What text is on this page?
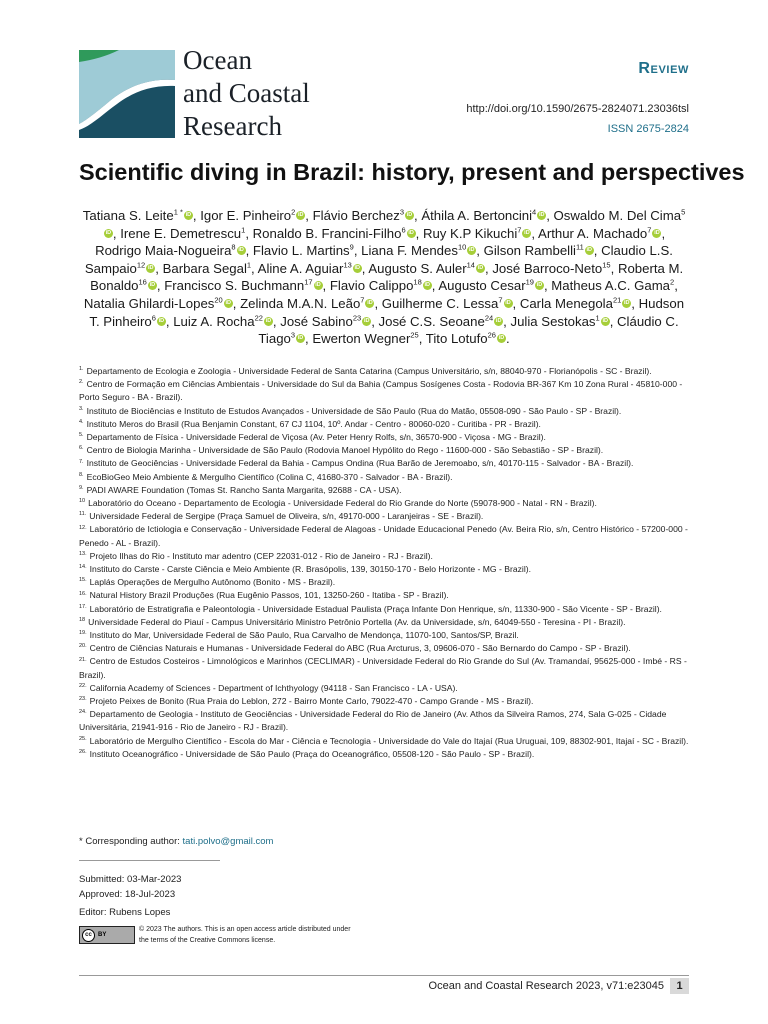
Ocean
and Coastal
Research
Review
http://doi.org/10.1590/2675-2824071.23036tsl
ISSN 2675-2824
Scientific diving in Brazil: history, present and perspectives
Tatiana S. Leite$^{1 *}$ iD , Igor E. Pinheiro$^2$ iD , Flávio Berchez$^3$ iD , Áthila A. Bertoncini$^4$ iD , Oswaldo M. Del Cima$^5$iD , Irene E. Demetrescu$^1$, Ronaldo B. Francini-Filho$^6$ iD , Ruy K.P Kikuchi$^7$ iD , Arthur A. Machado$^7$ iD , Rodrigo Maia-Nogueira$^8$ iD , Flavio L. Martins$^9$, Liana F. Mendes$^{10}$ iD , Gilson Rambelli$^{11}$ iD , Claudio L.S. Sampaio$^{12}$ iD , Barbara Segal$^1$, Aline A. Aguiar$^{13}$ iD , Augusto S. Auler$^{14}$ iD , José Barroco-Neto$^{15}$, Roberta M. Bonaldo$^{16}$ iD , Francisco S. Buchmann$^{17}$ iD , Flavio Calippo$^{18}$ iD , Augusto Cesar$^{19}$ iD , Matheus A.C. Gama$^2$, Natalia Ghilardi-Lopes$^{20}$ iD , Zelinda M.A.N. Leão$^7$ iD , Guilherme C. Lessa$^7$ iD , Carla Menegola$^{21}$ iD , Hudson T. Pinheiro$^6$ iD , Luiz A. Rocha$^{22}$ iD , José Sabino$^{23}$ iD , José C.S. Seoane$^{24}$ iD , Julia Sestokas$^1$ iD , Cláudio C. Tiago$^3$ iD , Ewerton Wegner$^{25}$, Tito Lotufo$^{26}$ iD .

$^{1.}$ Departamento de Ecologia e Zoologia - Universidade Federal de Santa Catarina (Campus Universitário, s/n, 88040-970 - Florianópolis - SC - Brazil).

$^{2.}$ Centro de Formação em Ciências Ambientais - Universidade do Sul da Bahia (Campus Sosígenes Costa - Rodovia BR-367 Km 10 Zona Rural - 45810-000 - Porto Seguro - BA - Brazil).

$^{3.}$ Instituto de Biociências e Instituto de Estudos Avançados - Universidade de São Paulo (Rua do Matão, 05508-090 - São Paulo - SP - Brazil).

$^{4.}$ Instituto Meros do Brasil (Rua Benjamin Constant, 67 CJ 1104, 10º. Andar - Centro - 80060-020 - Curitiba - PR - Brazil).

$^{5.}$ Departamento de Física - Universidade Federal de Viçosa (Av. Peter Henry Rolfs, s/n, 36570-900 - Viçosa - MG - Brazil).

$^{6.}$ Centro de Biologia Marinha - Universidade de São Paulo (Rodovia Manoel Hypólito do Rego - 11600-000 - São Sebastião - SP - Brazil).

$^{7.}$ Instituto de Geociências - Universidade Federal da Bahia - Campus Ondina (Rua Barão de Jeremoabo, s/n, 40170-115 - Salvador - BA - Brazil).

$^{8.}$ EcoBioGeo Meio Ambiente & Mergulho Científico (Colina C, 41680-370 - Salvador - BA - Brazil).

$^{9.}$ PADI AWARE Foundation (Tomas St. Rancho Santa Margarita, 92688 - CA - USA).

$^{10}$ Laboratório do Oceano - Departamento de Ecologia - Universidade Federal do Rio Grande do Norte (59078-900 - Natal - RN - Brazil).

$^{11.}$ Universidade Federal de Sergipe (Praça Samuel de Oliveira, s/n, 49170-000 - Laranjeiras - SE - Brazil).

$^{12.}$ Laboratório de Ictiologia e Conservação - Universidade Federal de Alagoas - Unidade Educacional Penedo (Av. Beira Rio, s/n, Centro Histórico - 57200-000 - Penedo - AL - Brazil).

$^{13.}$ Projeto Ilhas do Rio - Instituto mar adentro (CEP 22031-012 - Rio de Janeiro - RJ - Brazil).

$^{14.}$ Instituto do Carste - Carste Ciência e Meio Ambiente (R. Brasópolis, 139, 30150-170 - Belo Horizonte - MG - Brazil).

$^{15.}$ Laplás Operações de Mergulho Autônomo (Bonito - MS - Brazil).

$^{16.}$ Natural History Brazil Produções (Rua Eugênio Passos, 101, 13250-260 - Itatiba - SP - Brazil).

$^{17.}$ Laboratório de Estratigrafia e Paleontologia - Universidade Estadual Paulista (Praça Infante Don Henrique, s/n, 11330-900 - São Vicente - SP - Brazil).

$^{18}$ Universidade Federal do Piauí - Campus Universitário Ministro Petrônio Portella (Av. da Universidade, s/n, 64049-550 - Teresina - PI - Brazil).

$^{19.}$ Instituto do Mar, Universidade Federal de São Paulo, Rua Carvalho de Mendonça, 11070-100, Santos/SP, Brazil.

$^{20.}$ Centro de Ciências Naturais e Humanas - Universidade Federal do ABC (Rua Arcturus, 3, 09606-070 - São Bernardo do Campo - SP - Brazil).

$^{21.}$ Centro de Estudos Costeiros - Limnológicos e Marinhos (CECLIMAR) - Universidade Federal do Rio Grande do Sul (Av. Tramandaí, 95625-000 - Imbé - RS - Brazil).

$^{22.}$ California Academy of Sciences - Department of Ichthyology (94118 - San Francisco - LA - USA).

$^{23.}$ Projeto Peixes de Bonito (Rua Praia do Leblon, 272 - Bairro Monte Carlo, 79022-470 - Campo Grande - MS - Brazil).

$^{24.}$ Departamento de Geologia - Instituto de Geociências - Universidade Federal do Rio de Janeiro (Av. Athos da Silveira Ramos, 274, Sala G-025 - Cidade Universitária, 21941-916 - Rio de Janeiro - RJ - Brazil).

$^{25.}$ Laboratório de Mergulho Científico - Escola do Mar - Ciência e Tecnologia - Universidade do Vale do Itajaí (Rua Uruguai, 109, 88302-901, Itajaí - SC - Brazil).

$^{26.}$ Instituto Oceanográfico - Universidade de São Paulo (Praça do Oceanográfico, 05508-120 - São Paulo - SP - Brazil).

* Corresponding author: tati.polvo@gmail.com
Submitted: 03-Mar-2023
Approved: 18-Jul-2023
Editor: Rubens Lopes
cc	BY
© 2023 The authors. This is an open access article distributed under
the terms of the Creative Commons license.
Ocean and Coastal Research 2023, v71:e23045	1
